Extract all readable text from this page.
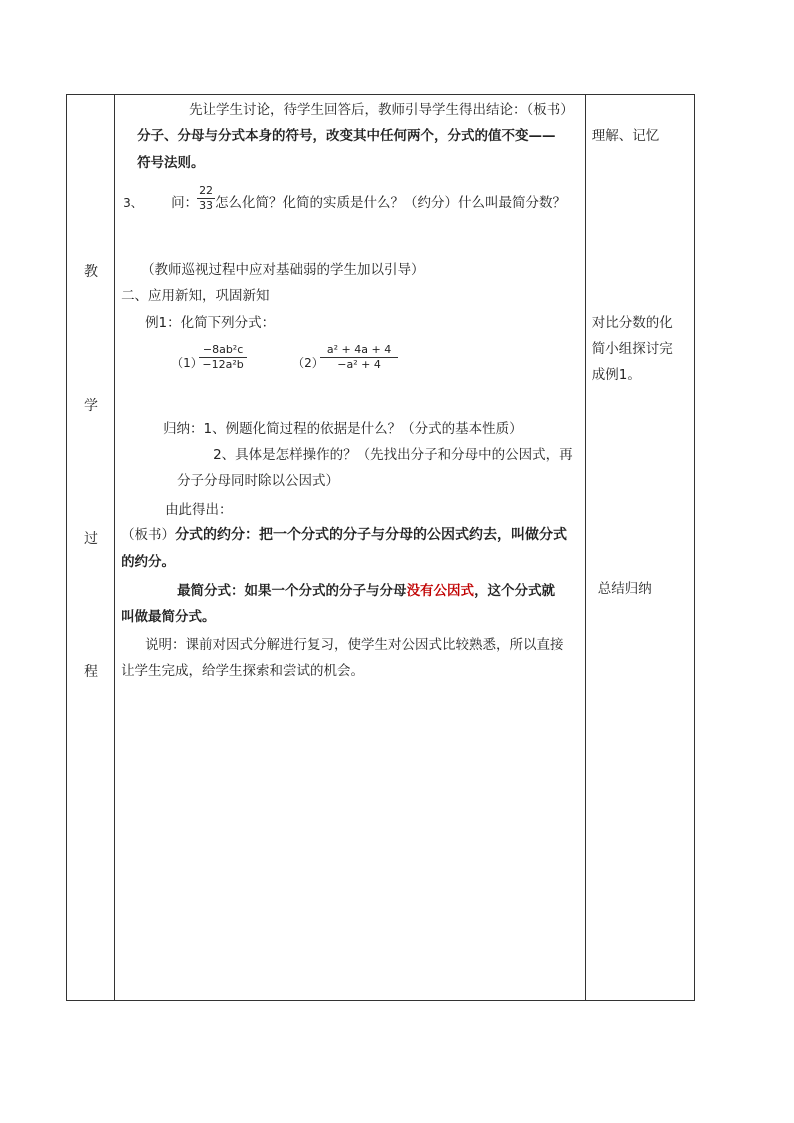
教
学
过
程

先让学生讨论，待学生回答后，教师引导学生得出结论：（板书）
分子、分母与分式本身的符号，改变其中任何两个，分式的值不变——
符号法则。
3、 问：
22
33 怎么化简？化简的实质是什么？（约分）什么叫最简分数？
（教师巡视过程中应对基础弱的学生加以引导）
二、应用新知，巩固新知
例1：化简下列分式：
（1）
−8ab²c
−12a²b	（2）
a² + 4a + 4
−a² + 4
归纳：1、例题化简过程的依据是什么？（分式的基本性质）
2、具体是怎样操作的？（先找出分子和分母中的公因式，再
分子分母同时除以公因式）
由此得出：
（板书）分式的约分：把一个分式的分子与分母的公因式约去，叫做分式
的约分。
最简分式：如果一个分式的分子与分母没有公因式，这个分式就
叫做最简分式。
说明：课前对因式分解进行复习，使学生对公因式比较熟悉，所以直接
让学生完成，给学生探索和尝试的机会。

理解、记忆
对比分数的化
简小组探讨完
成例1。
总结归纳
